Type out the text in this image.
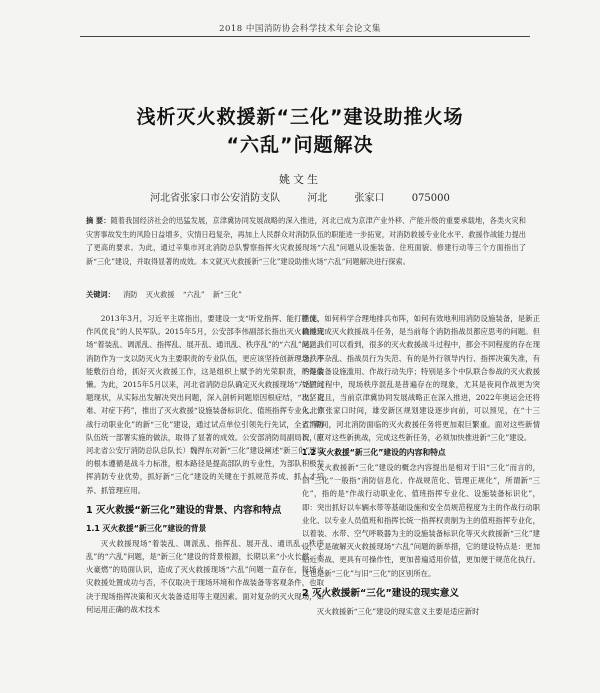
2018 中国消防协会科学技术年会论文集
浅析灭火救援新“三化”建设助推火场
“六乱”问题解决
姚文生
河北省张家口市公安消防支队	河北	张家口	075000

摘 要：随着我国经济社会的迅猛发展，京津冀协同发展战略的深入推进，河北已成为京津产业外移、产能升级的重要承载地，各类火灾和灾害事故发生的风险日益增多，灾情日趋复杂，再加上人民群众对消防队伍的职能进一步拓宽，对消防救援专业化水平、救援作战能力提出了更高的要求。为此，通过辛集市河北消防总队警察指挥火灾救援现场“六乱”问题从设施装备、住班面貌、修建行动等三个方面指出了新“三化”建设，并取得显著的成效。本文就灭火救援新“三化”建设助推火场“六乱”问题解决进行探索。

关键词： 消防 灭火救援 “六乱” 新“三化”

2013年3月，习近平主席指出，要建设一支“听党指挥、能打胜仗、作风优良”的人民军队。2015年5月，公安部李伟副部长指出灭火救援现场“着装乱、调派乱、指挥乱、展开乱、通讯乱、秩序乱”的“六乱”问题。消防作为一支以防灭火为主要职责的专业队伍，更应该坚持创新理念，不能敷衍自给，抓好灭火救援工作，这是组织上赋予的光荣职责，不得偷懒。为此，2015年5月以来，河北省消防总队确定灭火救援现场“六乱”问题现状，从实际出发解决突出问题，深入剖析问题原因根症结，“攻坚克难、对症下药”，推出了灭火救援“设施装备标识化、值班指挥专业化、作战行动职业化”的新“三化”建设，通过试点单位引领先行先试，全省消防队伍统一部署实施的做法，取得了显著的成效。公安部消防局副局长（原河北省公安厅消防总队总队长）魏捍东对新“三化”建设阐述“新三化”建设的根本遵循是战斗力标准，根本路径是提高部队的专业性，为部队积极发挥消防专业优势，抓好新“三化”建设的关键在于抓规范养成、抓人才培养、抓管理应用。

1 灭火救援“新三化”建设的背景、内容和特点
1.1 灭火救援“新三化”建设的背景

灭火救援现场“着装乱、调派乱、指挥乱、展开乱、通讯乱、秩序乱”的“六乱”问题，是“新三化”建设的背景根源，长期以来“小火长燃、大火豪燃”的局面认识，造成了灭火救援现场“六乱”问题一直存在，每场火灾救援处置成功与否，不仅取决于现场环境和作战装备等客观条件，也取决于现场指挥决策和灭火装备适用等主观因素。面对复杂的灭火现场，如何运用正确的战术技术

措施，如何科学合理地排兵布阵，如何有效地利用消防设施装备，是新正确地完成灭火救援战斗任务，是当前每个消防指战员都应思考的问题。但是，我们可以看到，很多的灭火救援战斗过程中，都会不同程度的存在现场秩序杂乱、指战员行为失范、有的是外行领导内行、指挥决策失准，有的是装备设施滥用、作战行动失序；特别是多个中队联合参战的灭火救援处置过程中，现场秩序混乱是普遍存在的现象，尤其是夜间作战更为突出。况且，当前京津冀协同发展战略正在深入推进，2022年奥运会还将入北京张家口时间，雄安新区规划建设逐步向前，可以预见，在“十三五”期间，河北消防面临的灭火救援任务将更加艰巨繁重。面对这些新情况，应对这些新挑战，完成这些新任务，必须加快推进新“三化”建设。

1.2 灭火救援“新三化”建设的内容和特点

灭火救援新“三化”建设的概念内容提出是相对于旧“三化”而言的，旧“三化”一般指“消防信息化、作战规范化、管理正规化”，所谓新“三化”，指的是“作战行动职业化、值班指挥专业化、设施装备标识化”，即：突出抓好以车辆水带等基础设施和安全员规范程度为主的作战行动职业化、以专业人员值班和指挥长统一指挥权责制为主的值班指挥专业化，以着装、水带、空气呼吸器为主的设施装备标识化等灭火救援新“三化”建设，它是破解灭火救援现场“六乱”问题的新举措，它的建设特点是：更加贴近实战、更具有可操作性，更加普遍适用价值，更加便于规范化执行。这也是新“三化”与旧“三化”的区别所在。

2 灭火救援新“三化”建设的现实意义

灭火救援新“三化”建设的现实意义主要是适应新时
